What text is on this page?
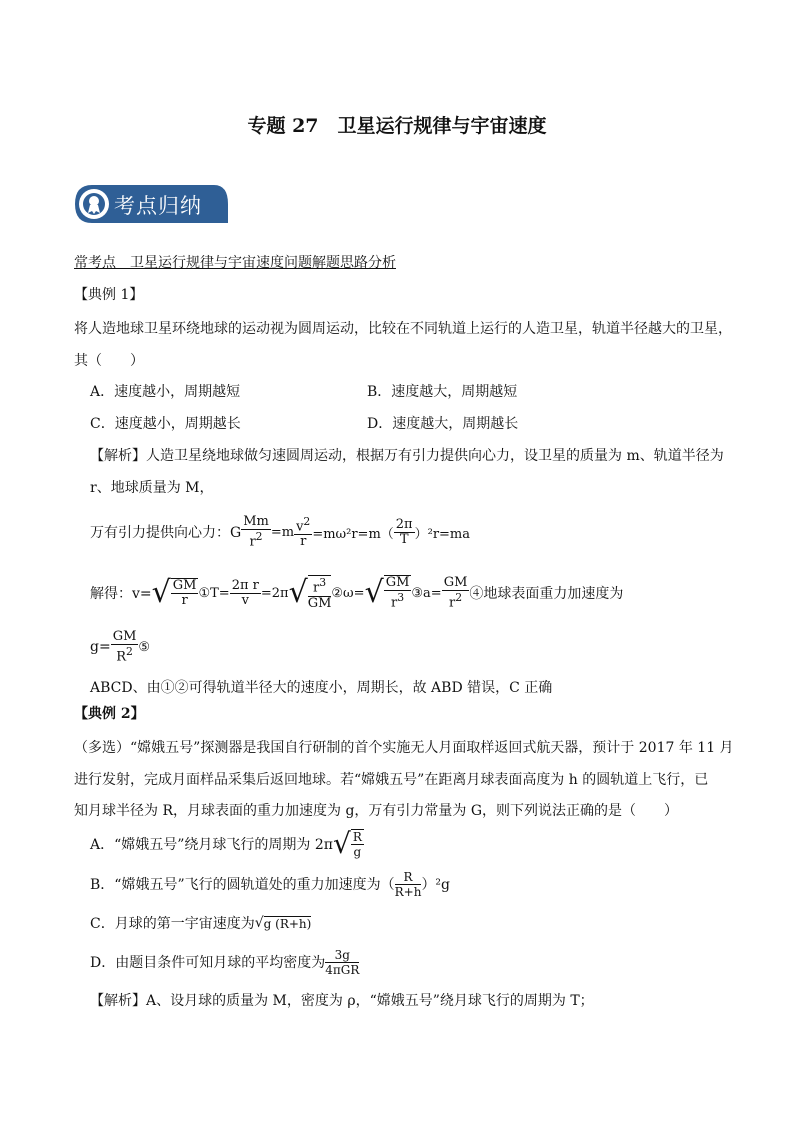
专题 27　卫星运行规律与宇宙速度
考点归纳
常考点　卫星运行规律与宇宙速度问题解题思路分析
【典例 1】
将人造地球卫星环绕地球的运动视为圆周运动，比较在不同轨道上运行的人造卫星，轨道半径越大的卫星，
其（　　）
A．速度越小，周期越短	B．速度越大，周期越短
C．速度越小，周期越长	D．速度越大，周期越长
【解析】人造卫星绕地球做匀速圆周运动，根据万有引力提供向心力，设卫星的质量为 m、轨道半径为
r、地球质量为 M，
万有引力提供向心力：G $\frac{Mm}{r^2} =m \frac{v^2}{r} =m\omega^2r=m( \frac{2\pi}{T} )^2r=ma$
解得：v= √ $\frac{GM}{r}$ ①T= $\frac{\text{2π r}}{v} =2\pi$ √ $\frac{r^3}{GM}$ ②ω= √ $\frac{GM}{r^3}$ ③a= $\frac{GM}{r^2}$ ④地球表面重力加速度为
$g= \frac{GM}{R^2}$ ⑤
ABCD、由①②可得轨道半径大的速度小，周期长，故 ABD 错误，C 正确
【典例 2】
（多选）“嫦娥五号”探测器是我国自行研制的首个实施无人月面取样返回式航天器，预计于 2017 年 11 月
进行发射，完成月面样品采集后返回地球。若“嫦娥五号”在距离月球表面高度为 h 的圆轨道上飞行，已
知月球半径为 R，月球表面的重力加速度为 g，万有引力常量为 G，则下列说法正确的是（　　）
A．“嫦娥五号”绕月球飞行的周期为 2π √ $\frac{R}{g}$
B．“嫦娥五号”飞行的圆轨道处的重力加速度为（ $\frac{R}{R+h} )^2g$
C．月球的第一宇宙速度为 √ g (R+h)
D．由题目条件可知月球的平均密度为 $\frac{3g}{\text{4πGR}}$
【解析】A、设月球的质量为 M，密度为 ρ，“嫦娥五号”绕月球飞行的周期为 T；
